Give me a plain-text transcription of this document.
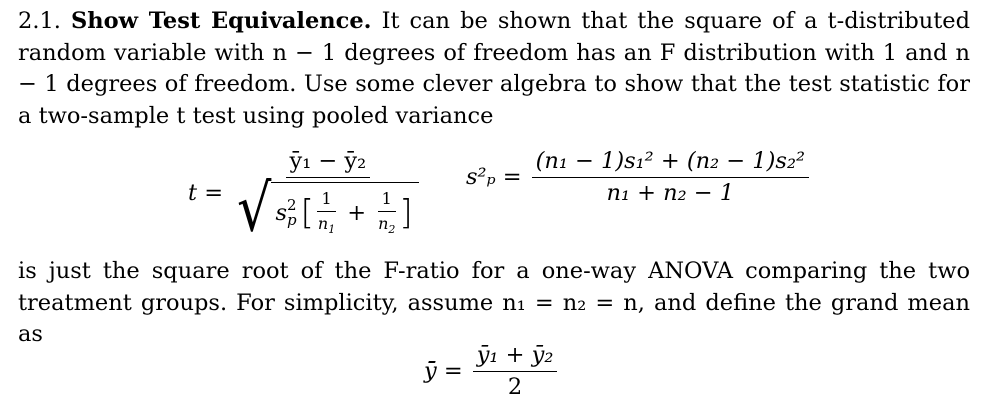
2.1. Show Test Equivalence. It can be shown that the square of a t-distributed random variable with n − 1 degrees of freedom has an F distribution with 1 and n − 1 degrees of freedom. Use some clever algebra to show that the test statistic for a two-sample t test using pooled variance
t =
ȳ₁ − ȳ₂
√ s 2
p [ $\frac{1}{n_1} + \frac{1}{n_2}$ ]
$s^2_p = \frac{\text{(n₁ − 1)s₁² + (n₂ − 1)s₂²}}{\text{n₁ + n₂ − 1}}$
is just the square root of the F-ratio for a one-way ANOVA comparing the two treatment groups. For simplicity, assume n₁ = n₂ = n, and define the grand mean as
ȳ̄ = $\frac{\text{ȳ₁ + ȳ₂}}{2}$
